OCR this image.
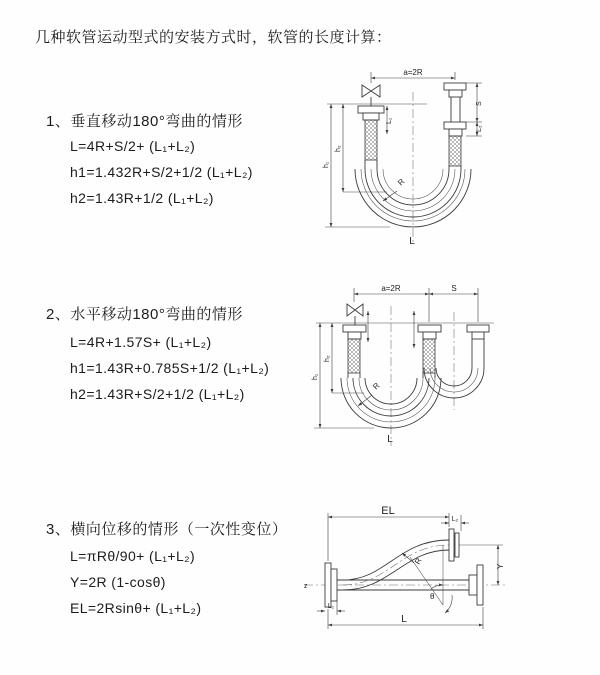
几种软管运动型式的安装方式时，软管的长度计算：
1、垂直移动180°弯曲的情形
L=4R+S/2+ (L₁+L₂)
h1=1.432R+S/2+1/2 (L₁+L₂)
h2=1.43R+1/2 (L₁+L₂)
2、水平移动180°弯曲的情形
L=4R+1.57S+ (L₁+L₂)
h1=1.43R+0.785S+1/2 (L₁+L₂)
h2=1.43R+S/2+1/2 (L₁+L₂)
3、横向位移的情形（一次性变位）
L=πRθ/90+ (L₁+L₂)
Y=2R (1-cosθ)
EL=2Rsinθ+ (L₁+L₂)
a=2R
L₁
S
L₂
h₁
h₂
R
L
a=2R	S
h₁
h₂
R
L
z
EL
L₂
Y
θ
R
L
L₁
